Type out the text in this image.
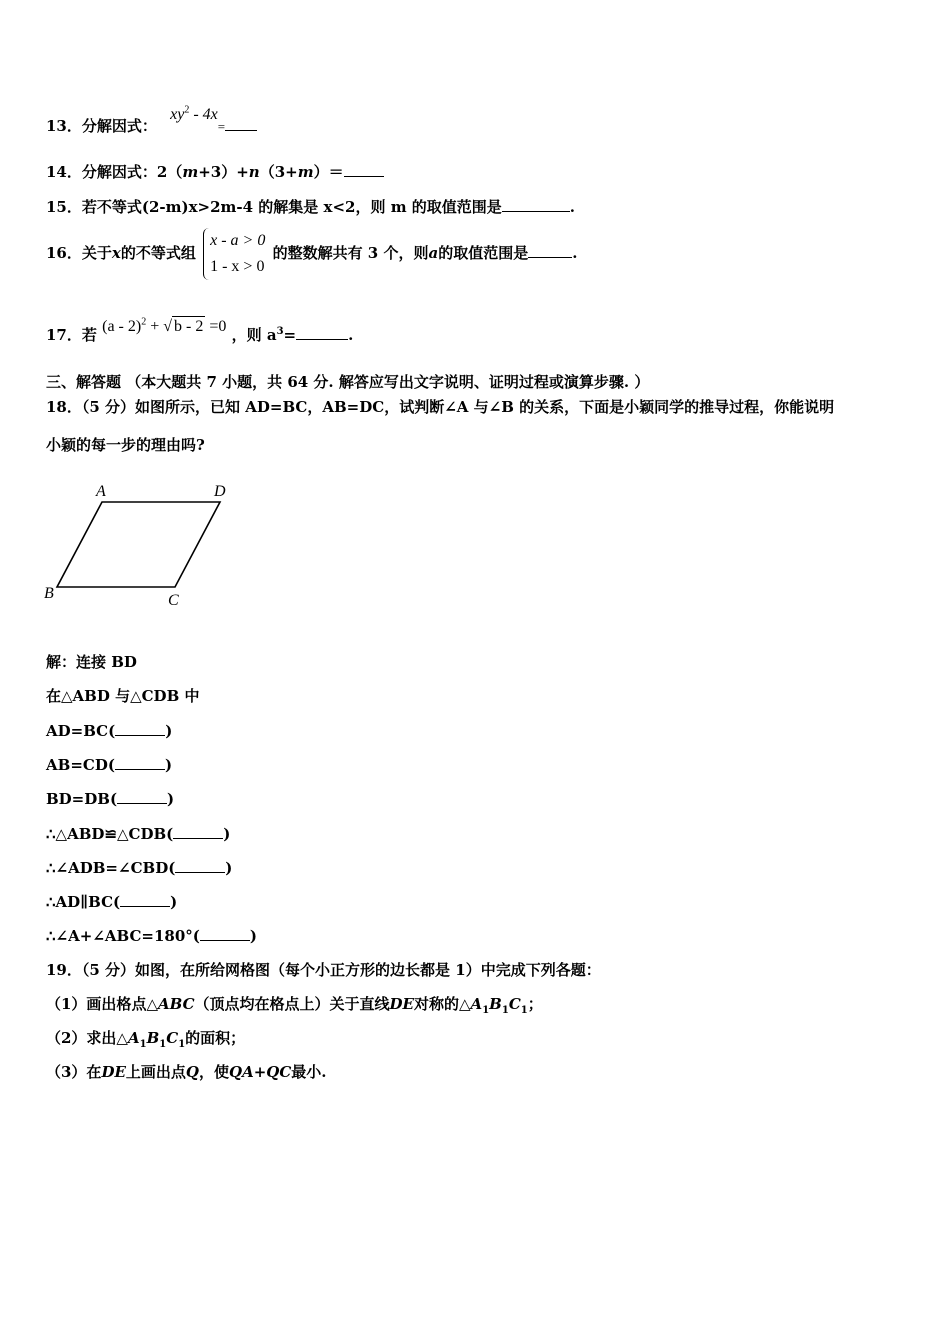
13．分解因式： $xy^2 - 4x=$
14．分解因式：2（m+3）+n（3+m）＝
15．若不等式(2-m)x>2m-4 的解集是 x<2，则 m 的取值范围是	.
16．关于x的不等式组
x - a > 0
1 - x > 0
的整数解共有 3 个，则a的取值范围是	.
17．若 (a - 2)$^2$ + √ b - 2 =0 ，则 $a^3=$	.
三、解答题 （本大题共 7 小题，共 64 分. 解答应写出文字说明、证明过程或演算步骤. ）
18．（5 分）如图所示，已知 AD=BC，AB=DC，试判断∠A 与∠B 的关系，下面是小颖同学的推导过程，你能说明
小颖的每一步的理由吗?
A	D
B	C
解：连接 BD
在△ABD 与△CDB 中
AD=BC(	)
AB=CD(	)
BD=DB(	)
∴△ABD≌△CDB(	)
∴∠ADB=∠CBD(	)
∴AD∥BC(	)
∴∠A+∠ABC=180°(	)
19．（5 分）如图，在所给网格图（每个小正方形的边长都是 1）中完成下列各题：
（1）画出格点△ABC（顶点均在格点上）关于直线DE对称的$\triangle A_1B_1C_1$；
（2）求出$\triangle A_1B_1C_1$的面积；
（3）在DE上画出点Q，使QA+QC最小.
